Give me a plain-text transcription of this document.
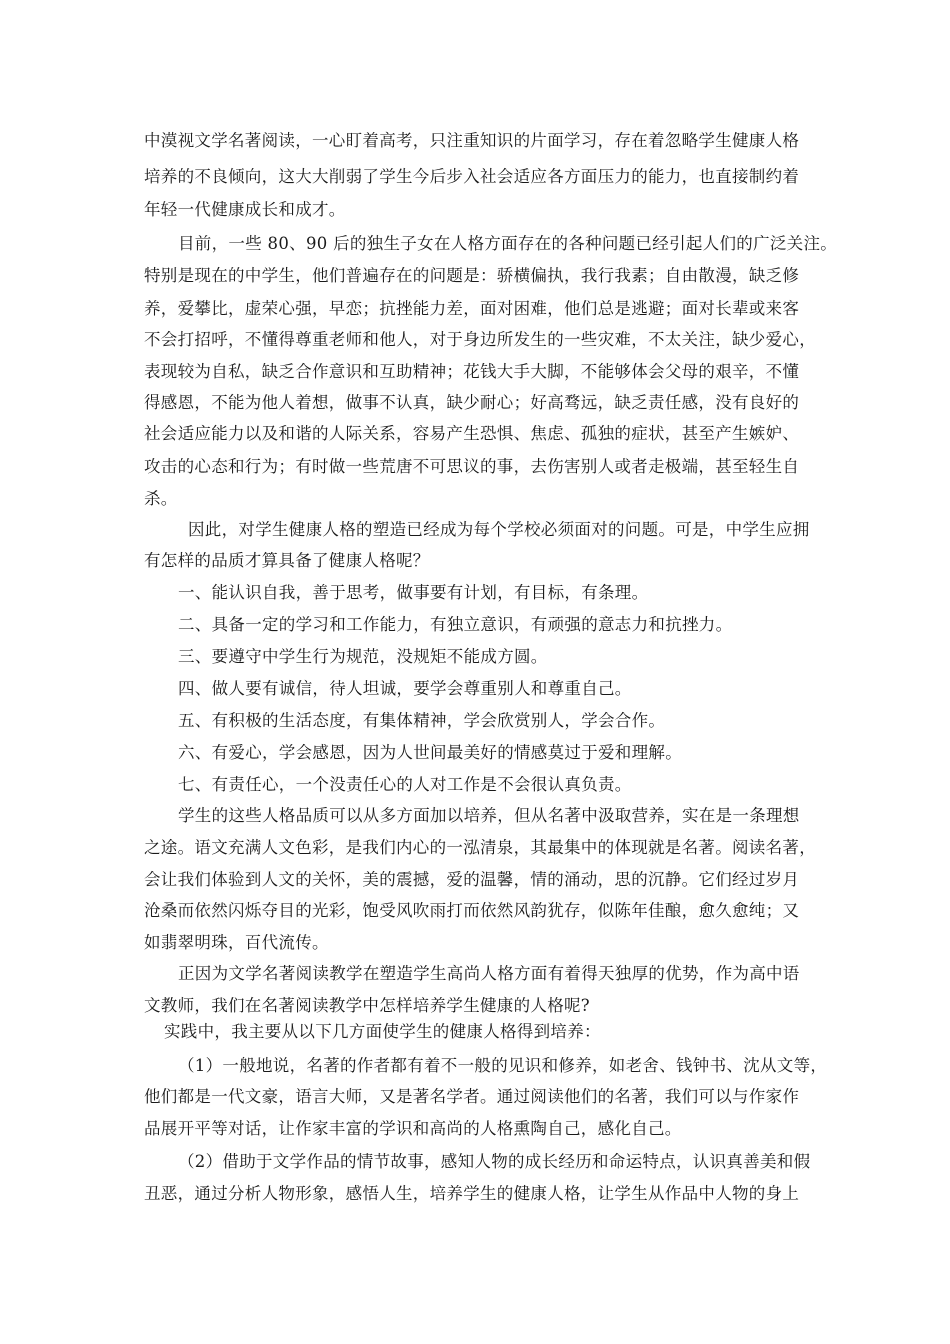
中漠视文学名著阅读，一心盯着高考，只注重知识的片面学习，存在着忽略学生健康人格
培养的不良倾向，这大大削弱了学生今后步入社会适应各方面压力的能力，也直接制约着
年轻一代健康成长和成才。
目前，一些 80、90 后的独生子女在人格方面存在的各种问题已经引起人们的广泛关注。
特别是现在的中学生，他们普遍存在的问题是：骄横偏执，我行我素；自由散漫，缺乏修
养，爱攀比，虚荣心强，早恋；抗挫能力差，面对困难，他们总是逃避；面对长辈或来客
不会打招呼，不懂得尊重老师和他人，对于身边所发生的一些灾难，不太关注，缺少爱心，
表现较为自私，缺乏合作意识和互助精神；花钱大手大脚，不能够体会父母的艰辛，不懂
得感恩，不能为他人着想，做事不认真，缺少耐心；好高骛远，缺乏责任感，没有良好的
社会适应能力以及和谐的人际关系，容易产生恐惧、焦虑、孤独的症状，甚至产生嫉妒、
攻击的心态和行为；有时做一些荒唐不可思议的事，去伤害别人或者走极端，甚至轻生自
杀。
因此，对学生健康人格的塑造已经成为每个学校必须面对的问题。可是，中学生应拥
有怎样的品质才算具备了健康人格呢？
一、能认识自我，善于思考，做事要有计划，有目标，有条理。
二、具备一定的学习和工作能力，有独立意识，有顽强的意志力和抗挫力。
三、要遵守中学生行为规范，没规矩不能成方圆。
四、做人要有诚信，待人坦诚，要学会尊重别人和尊重自己。
五、有积极的生活态度，有集体精神，学会欣赏别人，学会合作。
六、有爱心，学会感恩，因为人世间最美好的情感莫过于爱和理解。
七、有责任心，一个没责任心的人对工作是不会很认真负责。
学生的这些人格品质可以从多方面加以培养，但从名著中汲取营养，实在是一条理想
之途。语文充满人文色彩，是我们内心的一泓清泉，其最集中的体现就是名著。阅读名著，
会让我们体验到人文的关怀，美的震撼，爱的温馨，情的涌动，思的沉静。它们经过岁月
沧桑而依然闪烁夺目的光彩，饱受风吹雨打而依然风韵犹存，似陈年佳酿，愈久愈纯；又
如翡翠明珠，百代流传。
正因为文学名著阅读教学在塑造学生高尚人格方面有着得天独厚的优势，作为高中语
文教师，我们在名著阅读教学中怎样培养学生健康的人格呢?
实践中，我主要从以下几方面使学生的健康人格得到培养：
（1）一般地说，名著的作者都有着不一般的见识和修养，如老舍、钱钟书、沈从文等，
他们都是一代文豪，语言大师，又是著名学者。通过阅读他们的名著，我们可以与作家作
品展开平等对话，让作家丰富的学识和高尚的人格熏陶自己，感化自己。
（2）借助于文学作品的情节故事，感知人物的成长经历和命运特点，认识真善美和假
丑恶，通过分析人物形象，感悟人生，培养学生的健康人格，让学生从作品中人物的身上
